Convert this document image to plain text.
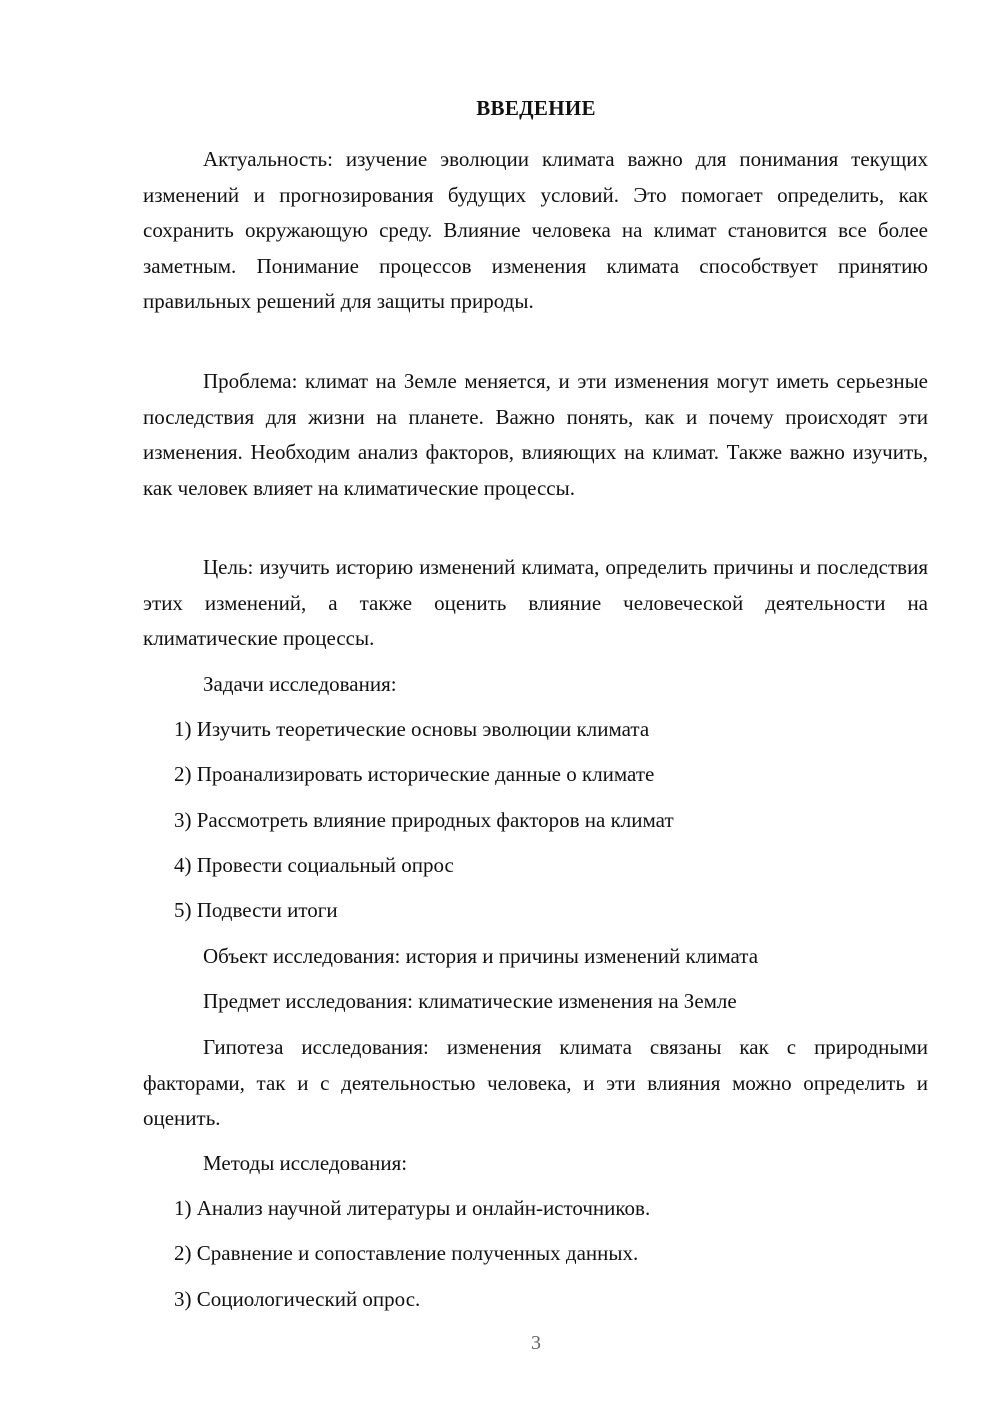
ВВЕДЕНИЕ
Актуальность: изучение эволюции климата важно для понимания текущих изменений и прогнозирования будущих условий. Это помогает определить, как сохранить окружающую среду. Влияние человека на климат становится все более заметным. Понимание процессов изменения климата способствует принятию правильных решений для защиты природы.
Проблема: климат на Земле меняется, и эти изменения могут иметь серьезные последствия для жизни на планете. Важно понять, как и почему происходят эти изменения. Необходим анализ факторов, влияющих на климат. Также важно изучить, как человек влияет на климатические процессы.
Цель: изучить историю изменений климата, определить причины и последствия этих изменений, а также оценить влияние человеческой деятельности на климатические процессы.
Задачи исследования:
1) Изучить теоретические основы эволюции климата
2) Проанализировать исторические данные о климате
3) Рассмотреть влияние природных факторов на климат
4) Провести социальный опрос
5) Подвести итоги
Объект исследования: история и причины изменений климата
Предмет исследования: климатические изменения на Земле
Гипотеза исследования: изменения климата связаны как с природными факторами, так и с деятельностью человека, и эти влияния можно определить и оценить.
Методы исследования:
1) Анализ научной литературы и онлайн-источников.
2) Сравнение и сопоставление полученных данных.
3) Социологический опрос.
3
